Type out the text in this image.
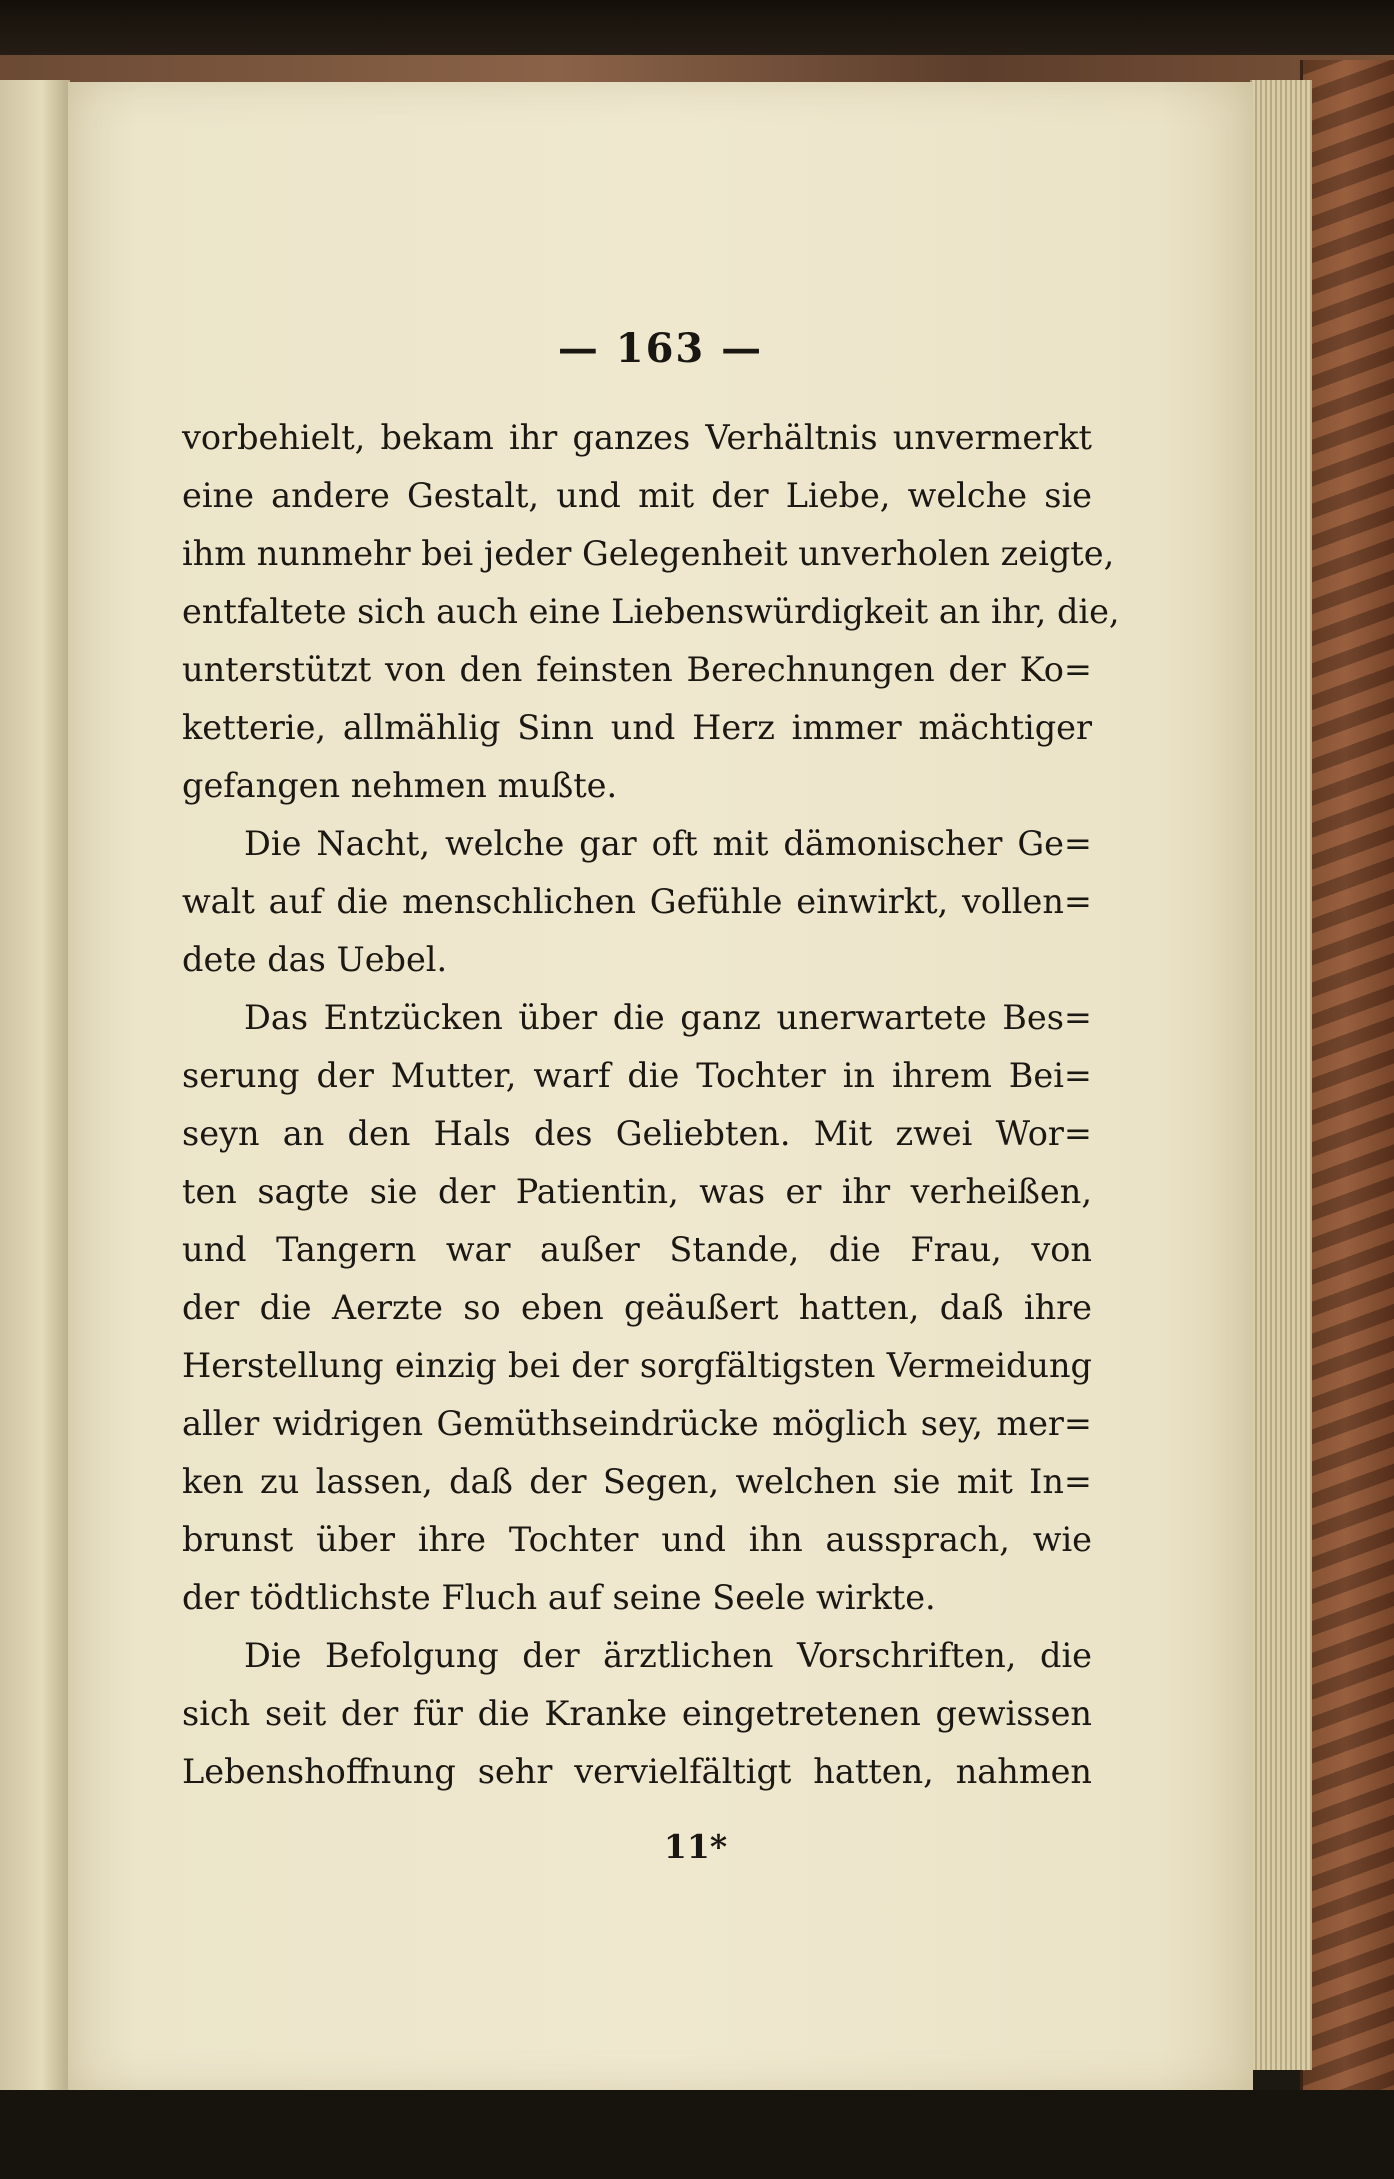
— 163 —
vorbehielt, bekam ihr ganzes Verhältnis unvermerkt
eine andere Gestalt, und mit der Liebe, welche sie
ihm nunmehr bei jeder Gelegenheit unverholen zeigte,
entfaltete sich auch eine Liebenswürdigkeit an ihr, die,
unterstützt von den feinsten Berechnungen der Ko=
ketterie, allmählig Sinn und Herz immer mächtiger
gefangen nehmen mußte.
Die Nacht, welche gar oft mit dämonischer Ge=
walt auf die menschlichen Gefühle einwirkt, vollen=
dete das Uebel.
Das Entzücken über die ganz unerwartete Bes=
serung der Mutter, warf die Tochter in ihrem Bei=
seyn an den Hals des Geliebten. Mit zwei Wor=
ten sagte sie der Patientin, was er ihr verheißen,
und Tangern war außer Stande, die Frau, von
der die Aerzte so eben geäußert hatten, daß ihre
Herstellung einzig bei der sorgfältigsten Vermeidung
aller widrigen Gemüthseindrücke möglich sey, mer=
ken zu lassen, daß der Segen, welchen sie mit In=
brunst über ihre Tochter und ihn aussprach, wie
der tödtlichste Fluch auf seine Seele wirkte.
Die Befolgung der ärztlichen Vorschriften, die
sich seit der für die Kranke eingetretenen gewissen
Lebenshoffnung sehr vervielfältigt hatten, nahmen
11*
